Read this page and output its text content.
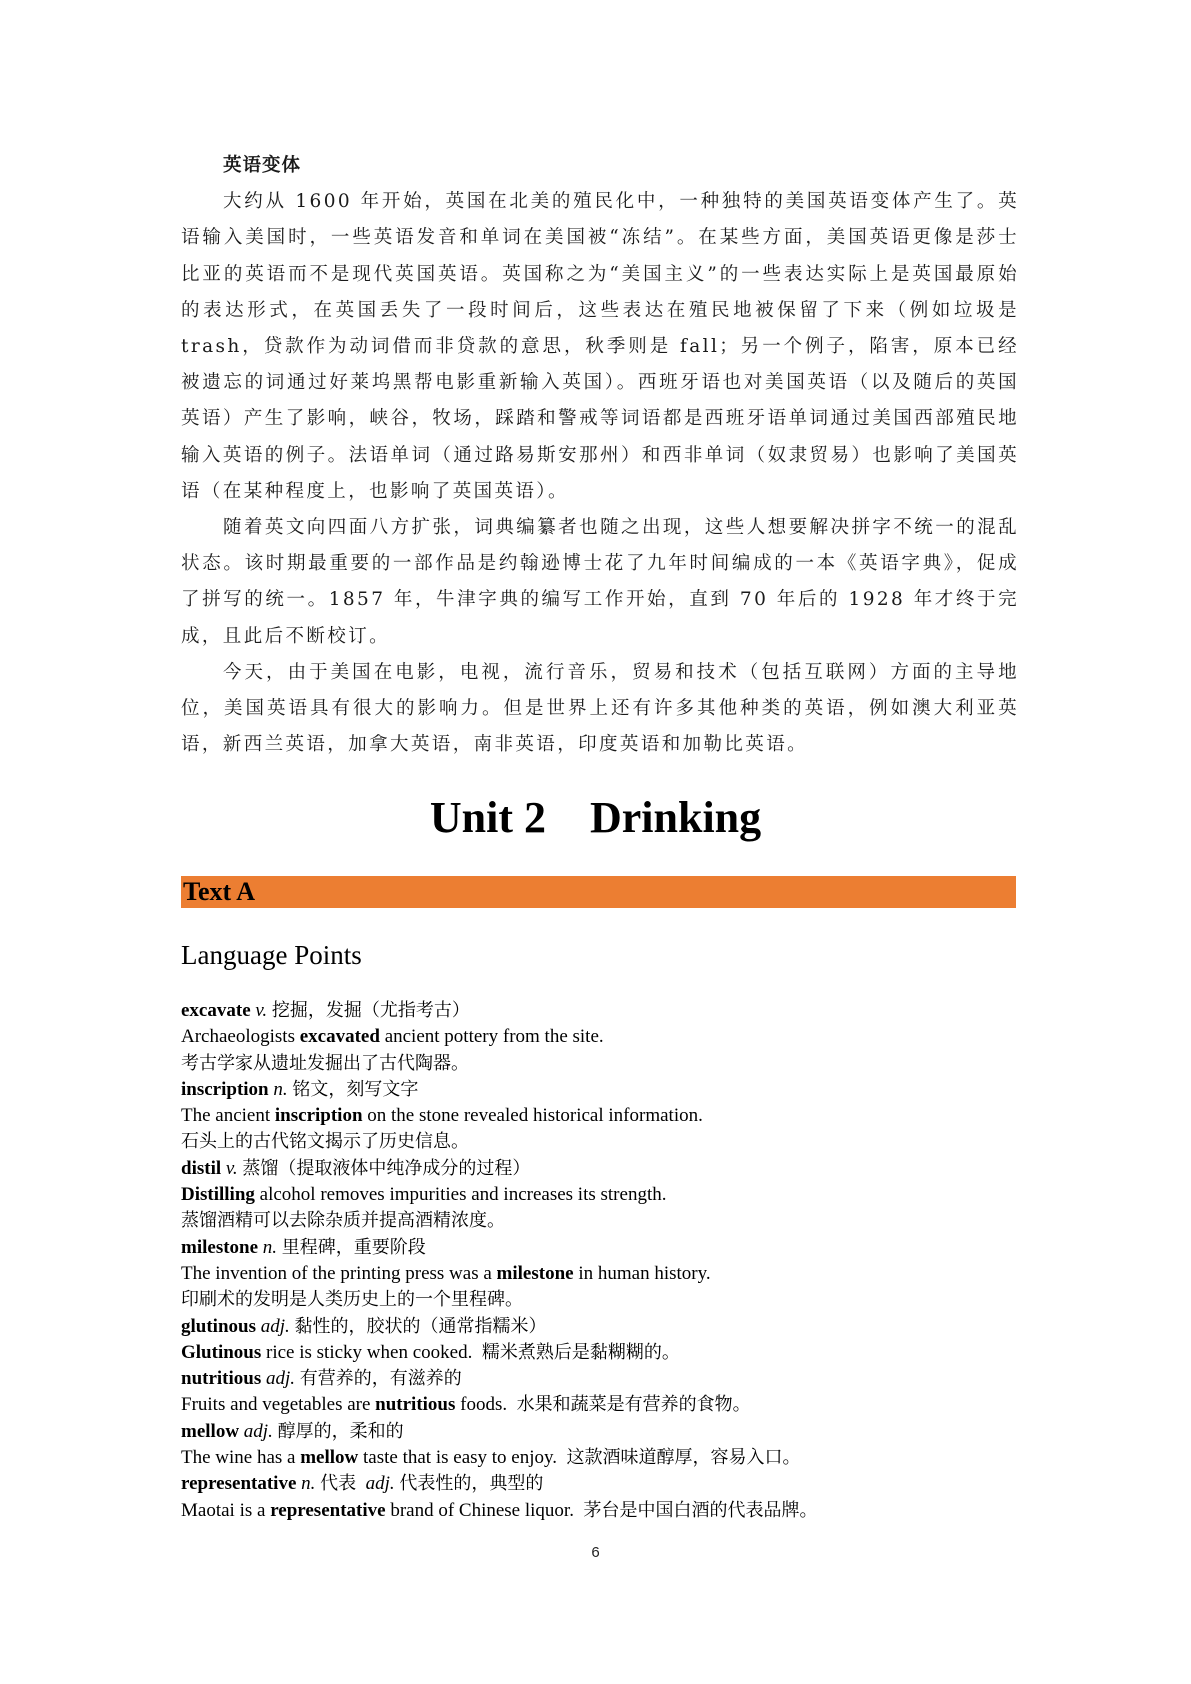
英语变体

大约从 1600 年开始，英国在北美的殖民化中，一种独特的美国英语变体产生了。英语输入美国时，一些英语发音和单词在美国被“冻结”。在某些方面，美国英语更像是莎士比亚的英语而不是现代英国英语。英国称之为“美国主义”的一些表达实际上是英国最原始的表达形式，在英国丢失了一段时间后，这些表达在殖民地被保留了下来（例如垃圾是 trash，贷款作为动词借而非贷款的意思，秋季则是 fall；另一个例子，陷害，原本已经被遗忘的词通过好莱坞黑帮电影重新输入英国）。西班牙语也对美国英语（以及随后的英国英语）产生了影响，峡谷，牧场，踩踏和警戒等词语都是西班牙语单词通过美国西部殖民地输入英语的例子。法语单词（通过路易斯安那州）和西非单词（奴隶贸易）也影响了美国英语（在某种程度上，也影响了英国英语）。

随着英文向四面八方扩张，词典编纂者也随之出现，这些人想要解决拼字不统一的混乱状态。该时期最重要的一部作品是约翰逊博士花了九年时间编成的一本《英语字典》，促成了拼写的统一。1857 年，牛津字典的编写工作开始，直到 70 年后的 1928 年才终于完成，且此后不断校订。

今天，由于美国在电影，电视，流行音乐，贸易和技术（包括互联网）方面的主导地位，美国英语具有很大的影响力。但是世界上还有许多其他种类的英语，例如澳大利亚英语，新西兰英语，加拿大英语，南非英语，印度英语和加勒比英语。

Unit 2    Drinking
Text A
Language Points

excavate v. 挖掘，发掘（尤指考古）

Archaeologists excavated ancient pottery from the site.

考古学家从遗址发掘出了古代陶器。

inscription n. 铭文，刻写文字

The ancient inscription on the stone revealed historical information.

石头上的古代铭文揭示了历史信息。

distil v. 蒸馏（提取液体中纯净成分的过程）

Distilling alcohol removes impurities and increases its strength.

蒸馏酒精可以去除杂质并提高酒精浓度。

milestone n. 里程碑，重要阶段

The invention of the printing press was a milestone in human history.

印刷术的发明是人类历史上的一个里程碑。

glutinous adj. 黏性的，胶状的（通常指糯米）

Glutinous rice is sticky when cooked. 糯米煮熟后是黏糊糊的。

nutritious adj. 有营养的，有滋养的

Fruits and vegetables are nutritious foods. 水果和蔬菜是有营养的食物。

mellow adj. 醇厚的，柔和的

The wine has a mellow taste that is easy to enjoy. 这款酒味道醇厚，容易入口。

representative n. 代表 adj. 代表性的，典型的

Maotai is a representative brand of Chinese liquor. 茅台是中国白酒的代表品牌。

6
